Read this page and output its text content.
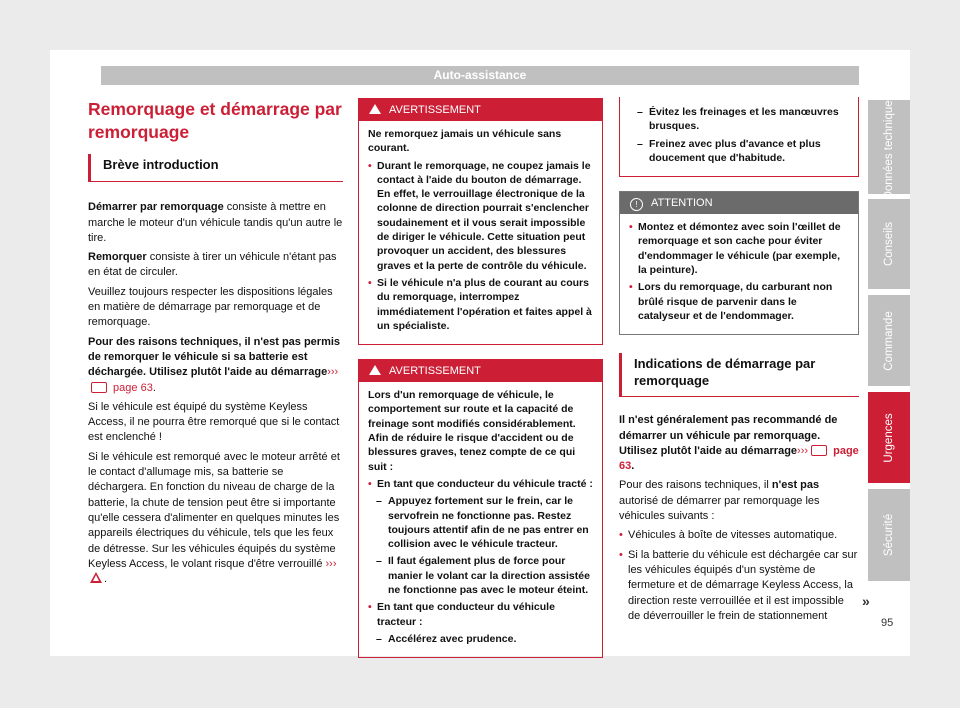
Auto-assistance
Remorquage et démarrage par remorquage
Brève introduction

Démarrer par remorquage consiste à mettre en marche le moteur d'un véhicule tandis qu'un autre le tire.

Remorquer consiste à tirer un véhicule n'étant pas en état de circuler.

Veuillez toujours respecter les dispositions légales en matière de démarrage par remorquage et de remorquage.

Pour des raisons techniques, il n'est pas permis de remorquer le véhicule si sa batterie est déchargée. Utilisez plutôt l'aide au démarrage››› page 63.

Si le véhicule est équipé du système Keyless Access, il ne pourra être remorqué que si le contact est enclenché !

Si le véhicule est remorqué avec le moteur arrêté et le contact d'allumage mis, sa batterie se déchargera. En fonction du niveau de charge de la batterie, la chute de tension peut être si importante qu'elle cessera d'alimenter en quelques minutes les appareils électriques du véhicule, tels que les feux de détresse. Sur les véhicules équipés du système Keyless Access, le volant risque d'être verrouillé ››› .

AVERTISSEMENT

Ne remorquez jamais un véhicule sans courant.

• Durant le remorquage, ne coupez jamais le contact à l'aide du bouton de démarrage. En effet, le verrouillage électronique de la colonne de direction pourrait s'enclencher soudainement et il vous serait impossible de diriger le véhicule. Cette situation peut provoquer un accident, des blessures graves et la perte de contrôle du véhicule.

• Si le véhicule n'a plus de courant au cours du remorquage, interrompez immédiatement l'opération et faites appel à un spécialiste.

AVERTISSEMENT

Lors d'un remorquage de véhicule, le comportement sur route et la capacité de freinage sont modifiés considérablement. Afin de réduire le risque d'accident ou de blessures graves, tenez compte de ce qui suit :

• En tant que conducteur du véhicule tracté :

– Appuyez fortement sur le frein, car le servofrein ne fonctionne pas. Restez toujours attentif afin de ne pas entrer en collision avec le véhicule tracteur.

– Il faut également plus de force pour manier le volant car la direction assistée ne fonctionne pas avec le moteur éteint.

• En tant que conducteur du véhicule tracteur :

– Accélérez avec prudence.

– Évitez les freinages et les manœuvres brusques.

– Freinez avec plus d'avance et plus doucement que d'habitude.

! ATTENTION

• Montez et démontez avec soin l'œillet de remorquage et son cache pour éviter d'endommager le véhicule (par exemple, la peinture).

• Lors du remorquage, du carburant non brûlé risque de parvenir dans le catalyseur et de l'endommager.

Indications de démarrage par remorquage

Il n'est généralement pas recommandé de démarrer un véhicule par remorquage. Utilisez plutôt l'aide au démarrage››› page 63.

Pour des raisons techniques, il n'est pas autorisé de démarrer par remorquage les véhicules suivants :

• Véhicules à boîte de vitesses automatique.

• Si la batterie du véhicule est déchargée car sur les véhicules équipés d'un système de fermeture et de démarrage Keyless Access, la direction reste verrouillée et il est impossible de déverrouiller le frein de stationnement

»
Données techniques
Conseils
Commande
Urgences
Sécurité
95
